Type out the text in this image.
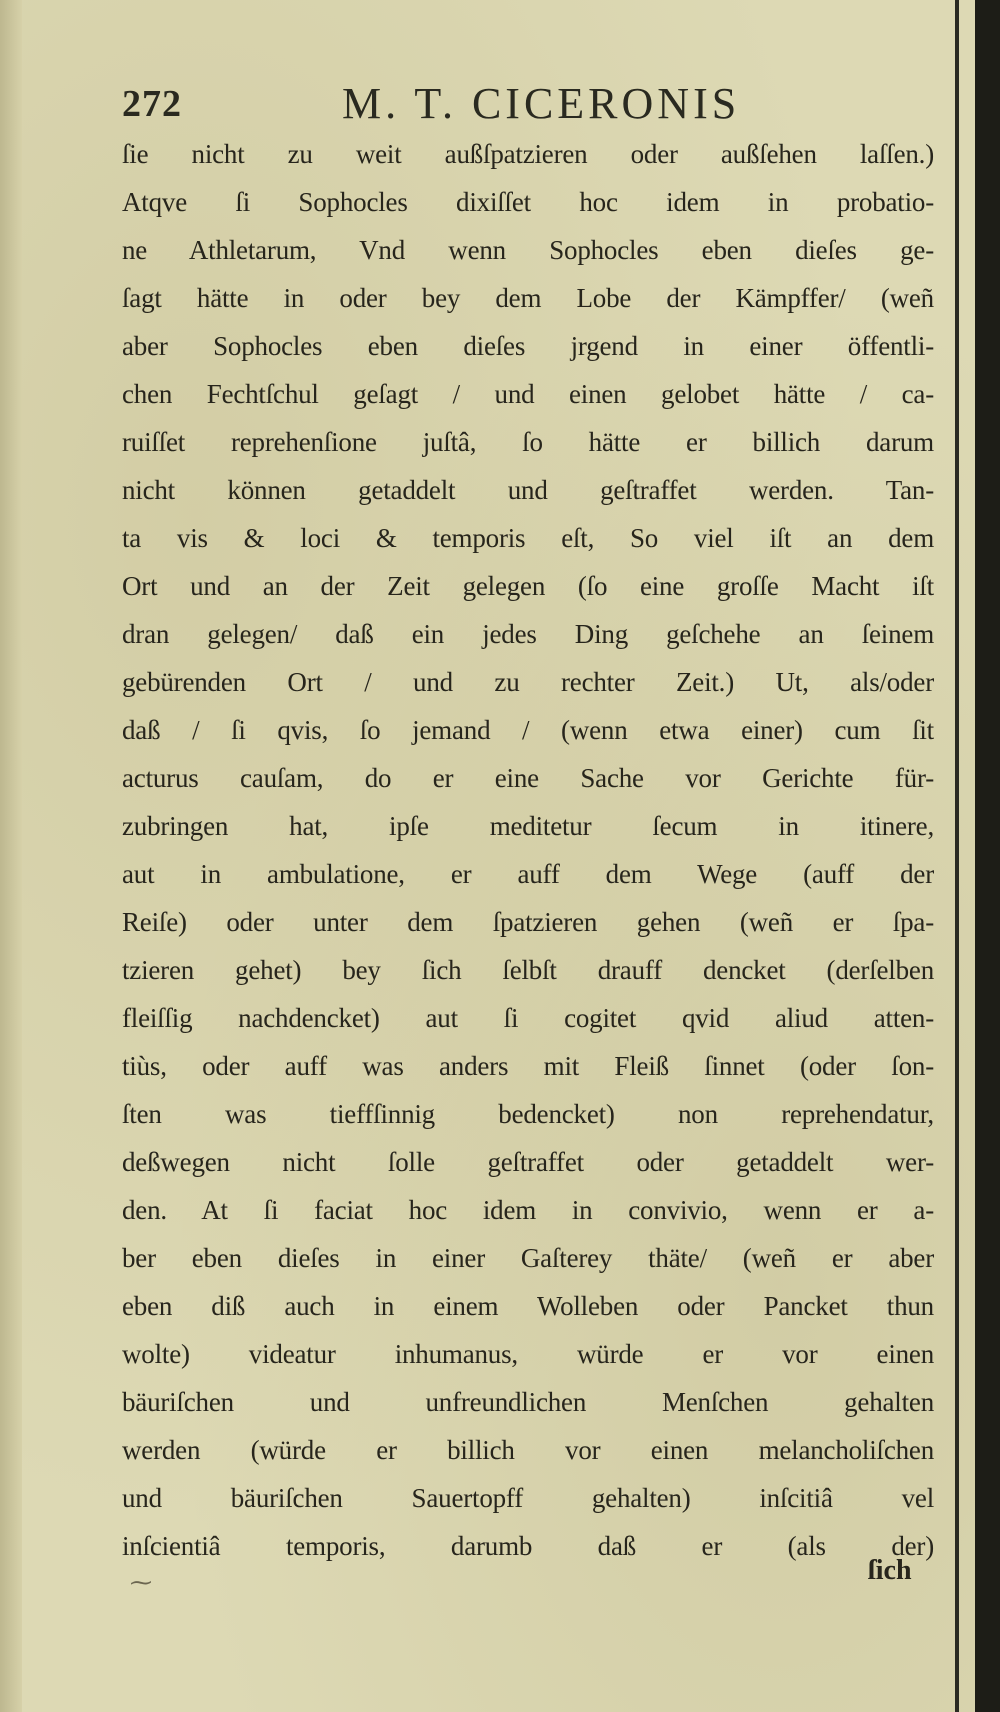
272	M. T. CICERONIS
ſie nicht zu weit außſpatzieren oder außſehen laſſen.)
Atqve ſi Sophocles dixiſſet hoc idem in probatio-
ne Athletarum, Vnd wenn Sophocles eben dieſes ge-
ſagt hätte in oder bey dem Lobe der Kämpffer/ (weñ
aber Sophocles eben dieſes jrgend in einer öffentli-
chen Fechtſchul geſagt / und einen gelobet hätte / ca-
ruiſſet reprehenſione juſtâ, ſo hätte er billich darum
nicht können getaddelt und geſtraffet werden. Tan-
ta vis & loci & temporis eſt, So viel iſt an dem
Ort und an der Zeit gelegen (ſo eine groſſe Macht iſt
dran gelegen/ daß ein jedes Ding geſchehe an ſeinem
gebürenden Ort / und zu rechter Zeit.) Ut, als/oder
daß / ſi qvis, ſo jemand / (wenn etwa einer) cum ſit
acturus cauſam, do er eine Sache vor Gerichte für-
zubringen hat, ipſe meditetur ſecum in itinere,
aut in ambulatione, er auff dem Wege (auff der
Reiſe) oder unter dem ſpatzieren gehen (weñ er ſpa-
tzieren gehet) bey ſich ſelbſt drauff dencket (derſelben
fleiſſig nachdencket) aut ſi cogitet qvid aliud atten-
tiùs, oder auff was anders mit Fleiß ſinnet (oder ſon-
ſten was tieffſinnig bedencket) non reprehendatur,
deßwegen nicht ſolle geſtraffet oder getaddelt wer-
den. At ſi faciat hoc idem in convivio, wenn er a-
ber eben dieſes in einer Gaſterey thäte/ (weñ er aber
eben diß auch in einem Wolleben oder Pancket thun
wolte) videatur inhumanus, würde er vor einen
bäuriſchen und unfreundlichen Menſchen gehalten
werden (würde er billich vor einen melancholiſchen
und bäuriſchen Sauertopff gehalten) inſcitiâ vel
inſcientiâ temporis, darumb daß er (als der)
ſich
⁓
